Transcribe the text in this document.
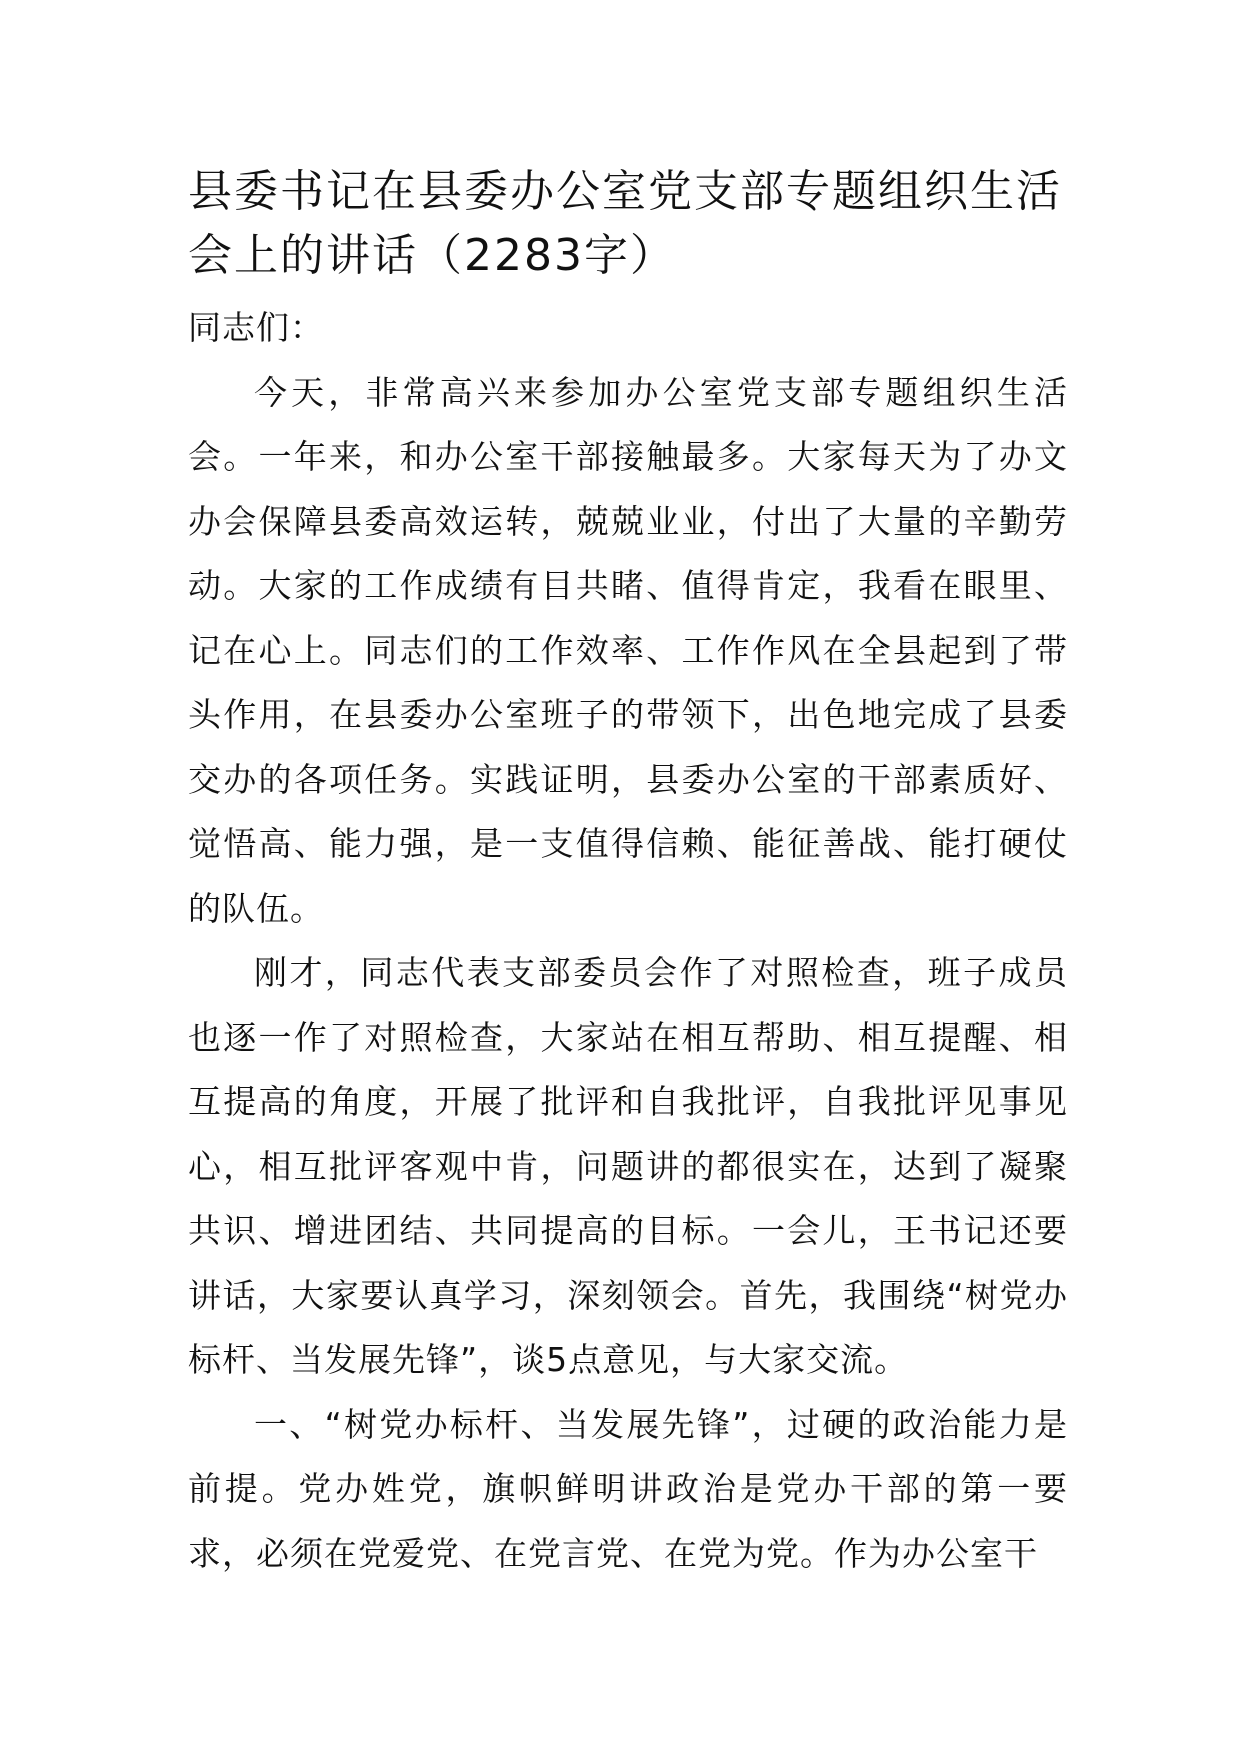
县委书记在县委办公室党支部专题组织生活会上的讲话（2283字）

同志们：

今天，非常高兴来参加办公室党支部专题组织生活会。一年来，和办公室干部接触最多。大家每天为了办文办会保障县委高效运转，兢兢业业，付出了大量的辛勤劳动。大家的工作成绩有目共睹、值得肯定，我看在眼里、记在心上。同志们的工作效率、工作作风在全县起到了带头作用，在县委办公室班子的带领下，出色地完成了县委交办的各项任务。实践证明，县委办公室的干部素质好、觉悟高、能力强，是一支值得信赖、能征善战、能打硬仗的队伍。

刚才，同志代表支部委员会作了对照检查，班子成员也逐一作了对照检查，大家站在相互帮助、相互提醒、相互提高的角度，开展了批评和自我批评，自我批评见事见心，相互批评客观中肯，问题讲的都很实在，达到了凝聚共识、增进团结、共同提高的目标。一会儿，王书记还要讲话，大家要认真学习，深刻领会。首先，我围绕“树党办标杆、当发展先锋”，谈5点意见，与大家交流。

一、“树党办标杆、当发展先锋”，过硬的政治能力是前提。党办姓党，旗帜鲜明讲政治是党办干部的第一要求，必须在党爱党、在党言党、在党为党。作为办公室干
